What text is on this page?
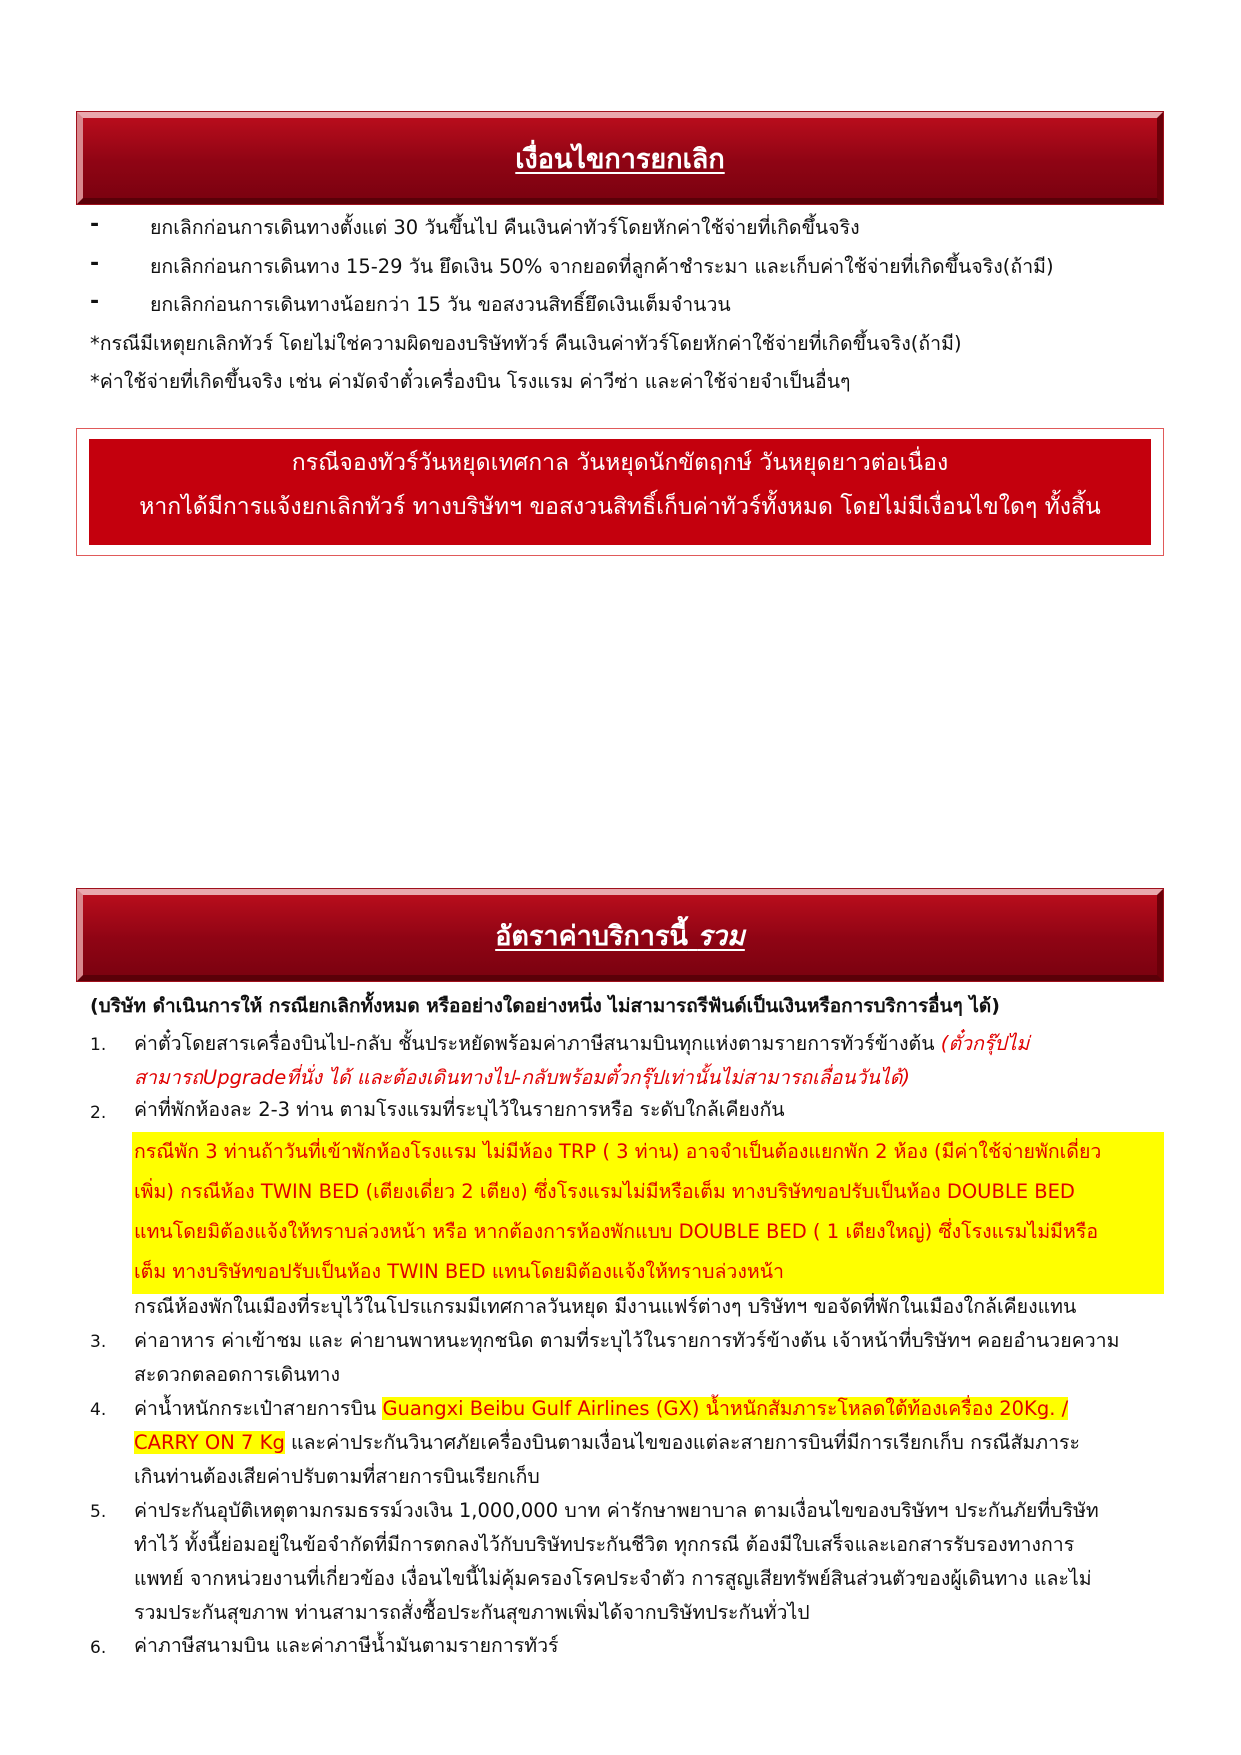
เงื่อนไขการยกเลิก
-	ยกเลิกก่อนการเดินทางตั้งแต่ 30 วันขึ้นไป คืนเงินค่าทัวร์โดยหักค่าใช้จ่ายที่เกิดขึ้นจริง
-	ยกเลิกก่อนการเดินทาง 15-29 วัน ยึดเงิน 50% จากยอดที่ลูกค้าชำระมา และเก็บค่าใช้จ่ายที่เกิดขึ้นจริง(ถ้ามี)
-	ยกเลิกก่อนการเดินทางน้อยกว่า 15 วัน ขอสงวนสิทธิ์ยึดเงินเต็มจำนวน
*กรณีมีเหตุยกเลิกทัวร์ โดยไม่ใช่ความผิดของบริษัททัวร์ คืนเงินค่าทัวร์โดยหักค่าใช้จ่ายที่เกิดขึ้นจริง(ถ้ามี)
*ค่าใช้จ่ายที่เกิดขึ้นจริง เช่น ค่ามัดจำตั๋วเครื่องบิน โรงแรม ค่าวีซ่า และค่าใช้จ่ายจำเป็นอื่นๆ
กรณีจองทัวร์วันหยุดเทศกาล วันหยุดนักขัตฤกษ์ วันหยุดยาวต่อเนื่อง
หากได้มีการแจ้งยกเลิกทัวร์ ทางบริษัทฯ ขอสงวนสิทธิ์เก็บค่าทัวร์ทั้งหมด โดยไม่มีเงื่อนไขใดๆ ทั้งสิ้น
อัตราค่าบริการนี้ รวม
(บริษัท ดำเนินการให้ กรณียกเลิกทั้งหมด หรืออย่างใดอย่างหนึ่ง ไม่สามารถรีฟันด์เป็นเงินหรือการบริการอื่นๆ ได้)
1. ค่าตั๋วโดยสารเครื่องบินไป-กลับ ชั้นประหยัดพร้อมค่าภาษีสนามบินทุกแห่งตามรายการทัวร์ข้างต้น (ตั๋วกรุ๊ปไม่
สามารถUpgradeที่นั่ง ได้ และต้องเดินทางไป-กลับพร้อมตั๋วกรุ๊ปเท่านั้นไม่สามารถเลื่อนวันได้)
2. ค่าที่พักห้องละ 2-3 ท่าน ตามโรงแรมที่ระบุไว้ในรายการหรือ ระดับใกล้เคียงกัน
กรณีพัก 3 ท่านถ้าวันที่เข้าพักห้องโรงแรม ไม่มีห้อง TRP ( 3 ท่าน) อาจจำเป็นต้องแยกพัก 2 ห้อง (มีค่าใช้จ่ายพักเดี่ยว
เพิ่ม) กรณีห้อง TWIN BED (เตียงเดี่ยว 2 เตียง) ซึ่งโรงแรมไม่มีหรือเต็ม ทางบริษัทขอปรับเป็นห้อง DOUBLE BED
แทนโดยมิต้องแจ้งให้ทราบล่วงหน้า หรือ หากต้องการห้องพักแบบ DOUBLE BED ( 1 เตียงใหญ่) ซึ่งโรงแรมไม่มีหรือ
เต็ม ทางบริษัทขอปรับเป็นห้อง TWIN BED แทนโดยมิต้องแจ้งให้ทราบล่วงหน้า
กรณีห้องพักในเมืองที่ระบุไว้ในโปรแกรมมีเทศกาลวันหยุด มีงานแฟร์ต่างๆ บริษัทฯ ขอจัดที่พักในเมืองใกล้เคียงแทน
3. ค่าอาหาร ค่าเข้าชม และ ค่ายานพาหนะทุกชนิด ตามที่ระบุไว้ในรายการทัวร์ข้างต้น เจ้าหน้าที่บริษัทฯ คอยอำนวยความ
สะดวกตลอดการเดินทาง
4. ค่าน้ำหนักกระเป๋าสายการบิน Guangxi Beibu Gulf Airlines (GX) น้ำหนักสัมภาระโหลดใต้ท้องเครื่อง 20Kg. /
CARRY ON 7 Kg และค่าประกันวินาศภัยเครื่องบินตามเงื่อนไขของแต่ละสายการบินที่มีการเรียกเก็บ กรณีสัมภาระ
เกินท่านต้องเสียค่าปรับตามที่สายการบินเรียกเก็บ
5. ค่าประกันอุบัติเหตุตามกรมธรรม์วงเงิน 1,000,000 บาท ค่ารักษาพยาบาล ตามเงื่อนไขของบริษัทฯ ประกันภัยที่บริษัท
ทำไว้ ทั้งนี้ย่อมอยู่ในข้อจำกัดที่มีการตกลงไว้กับบริษัทประกันชีวิต ทุกกรณี ต้องมีใบเสร็จและเอกสารรับรองทางการ
แพทย์ จากหน่วยงานที่เกี่ยวข้อง เงื่อนไขนี้ไม่คุ้มครองโรคประจำตัว การสูญเสียทรัพย์สินส่วนตัวของผู้เดินทาง และไม่
รวมประกันสุขภาพ ท่านสามารถสั่งซื้อประกันสุขภาพเพิ่มได้จากบริษัทประกันทั่วไป
6. ค่าภาษีสนามบิน และค่าภาษีน้ำมันตามรายการทัวร์
